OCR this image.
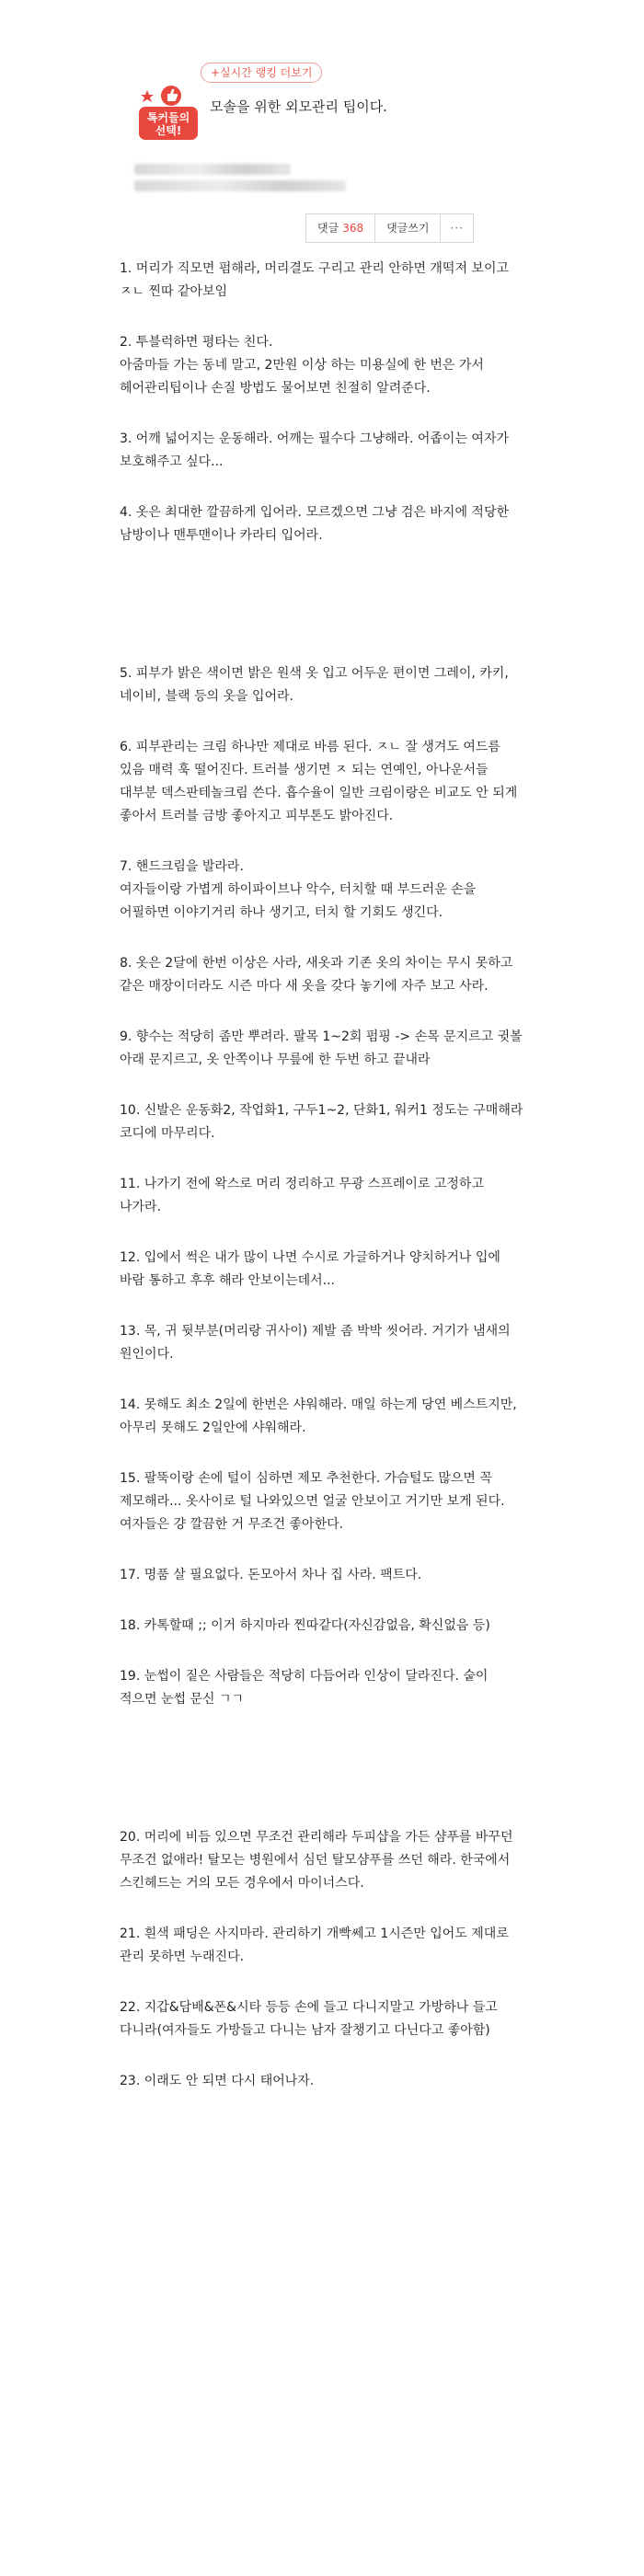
+실시간 랭킹 더보기
톡커들의
선택!
모솔을 위한 외모관리 팁이다.
댓글 368	댓글쓰기	···

1. 머리가 직모면 펌해라, 머리결도 구리고 관리 안하면 개떡져 보이고 ㅈㄴ 찐따 같아보임

2. 투블럭하면 평타는 친다.
아줌마들 가는 동네 말고, 2만원 이상 하는 미용실에 한 번은 가서 헤어관리팁이나 손질 방법도 물어보면 친절히 알려준다.

3. 어깨 넓어지는 운동해라. 어깨는 필수다 그냥해라. 어좁이는 여자가 보호해주고 싶다...

4. 옷은 최대한 깔끔하게 입어라. 모르겠으면 그냥 검은 바지에 적당한 남방이나 맨투맨이나 카라티 입어라.

5. 피부가 밝은 색이면 밝은 원색 옷 입고 어두운 편이면 그레이, 카키, 네이비, 블랙 등의 옷을 입어라.

6. 피부관리는 크림 하나만 제대로 바름 된다. ㅈㄴ 잘 생겨도 여드름 있음 매력 훅 떨어진다. 트러블 생기면 ㅈ 되는 연예인, 아나운서들 대부분 덱스판테놀크림 쓴다. 흡수율이 일반 크림이랑은 비교도 안 되게 좋아서 트러블 금방 좋아지고 피부톤도 밝아진다.

7. 핸드크림을 발라라.
여자들이랑 가볍게 하이파이브나 악수, 터치할 때 부드러운 손을 어필하면 이야기거리 하나 생기고, 터치 할 기회도 생긴다.

8. 옷은 2달에 한번 이상은 사라, 새옷과 기존 옷의 차이는 무시 못하고 같은 매장이더라도 시즌 마다 새 옷을 갖다 놓기에 자주 보고 사라.

9. 향수는 적당히 좀만 뿌려라. 팔목 1~2회 펌핑 -> 손목 문지르고 귓볼 아래 문지르고, 옷 안쪽이나 무릎에 한 두번 하고 끝내라

10. 신발은 운동화2, 작업화1, 구두1~2, 단화1, 워커1 정도는 구매해라 코디에 마무리다.

11. 나가기 전에 왁스로 머리 정리하고 무광 스프레이로 고정하고 나가라.

12. 입에서 썩은 내가 많이 나면 수시로 가글하거나 양치하거나 입에 바람 통하고 후후 해라 안보이는데서...

13. 목, 귀 뒷부분(머리랑 귀사이) 제발 좀 박박 씻어라. 거기가 냄새의 원인이다.

14. 못해도 최소 2일에 한번은 샤워해라. 매일 하는게 당연 베스트지만, 아무리 못해도 2일안에 샤워해라.

15. 팔뚝이랑 손에 털이 심하면 제모 추천한다. 가슴털도 많으면 꼭 제모해라... 옷사이로 털 나와있으면 얼굴 안보이고 거기만 보게 된다. 여자들은 걍 깔끔한 거 무조건 좋아한다.

17. 명품 살 필요없다. 돈모아서 차나 집 사라. 팩트다.

18. 카톡할때 ;; 이거 하지마라 찐따같다(자신감없음, 확신없음 등)

19. 눈썹이 짙은 사람들은 적당히 다듬어라 인상이 달라진다. 숱이 적으면 눈썹 문신 ㄱㄱ

20. 머리에 비듬 있으면 무조건 관리해라 두피샵을 가든 샴푸를 바꾸던 무조건 없애라! 탈모는 병원에서 심던 탈모샴푸를 쓰던 해라. 한국에서 스킨헤드는 거의 모든 경우에서 마이너스다.

21. 흰색 패딩은 사지마라. 관리하기 개빡쎄고 1시즌만 입어도 제대로 관리 못하면 누래진다.

22. 지갑&담배&폰&시타 등등 손에 들고 다니지말고 가방하나 들고 다니라(여자들도 가방들고 다니는 남자 잘챙기고 다닌다고 좋아함)

23. 이래도 안 되면 다시 태어나자.
